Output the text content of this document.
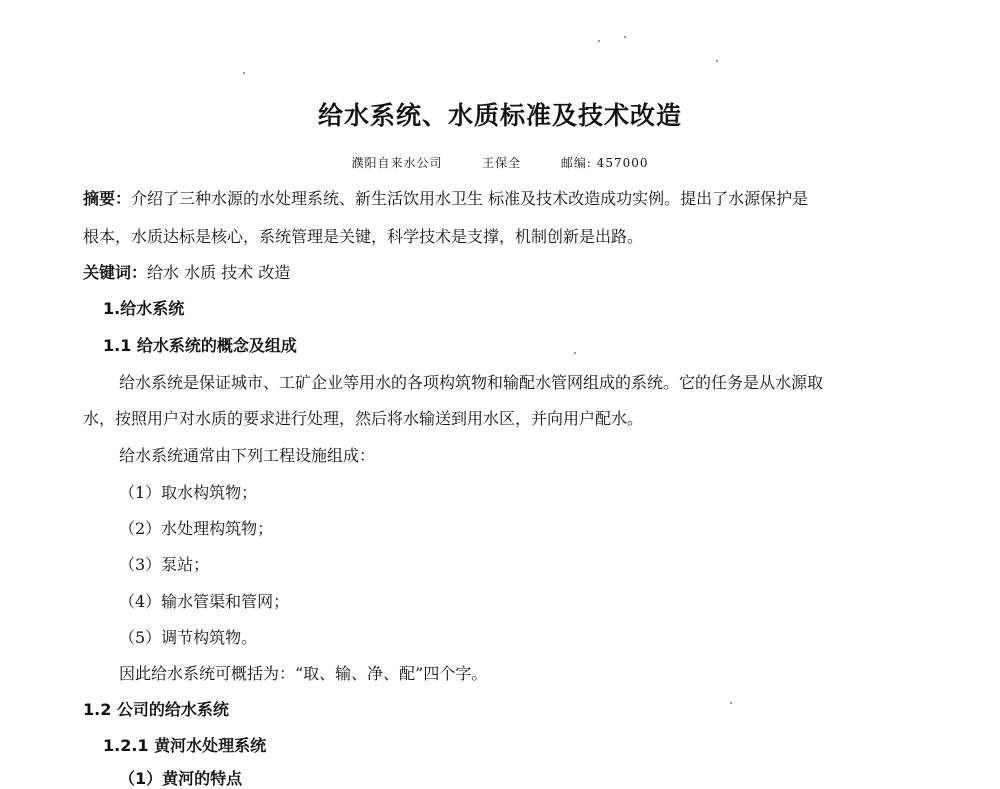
给水系统、水质标准及技术改造
濮阳自来水公司	王保全	邮编: 457000
摘要：介绍了三种水源的水处理系统、新生活饮用水卫生 标准及技术改造成功实例。提出了水源保护是
根本，水质达标是核心，系统管理是关键，科学技术是支撑，机制创新是出路。
关键词：给水 水质 技术 改造
1.给水系统
1.1 给水系统的概念及组成
给水系统是保证城市、工矿企业等用水的各项构筑物和输配水管网组成的系统。它的任务是从水源取
水，按照用户对水质的要求进行处理，然后将水输送到用水区，并向用户配水。
给水系统通常由下列工程设施组成：
（1）取水构筑物；
（2）水处理构筑物；
（3）泵站；
（4）输水管渠和管网；
（5）调节构筑物。
因此给水系统可概括为：“取、输、净、配”四个字。
1.2 公司的给水系统
1.2.1 黄河水处理系统
（1）黄河的特点
